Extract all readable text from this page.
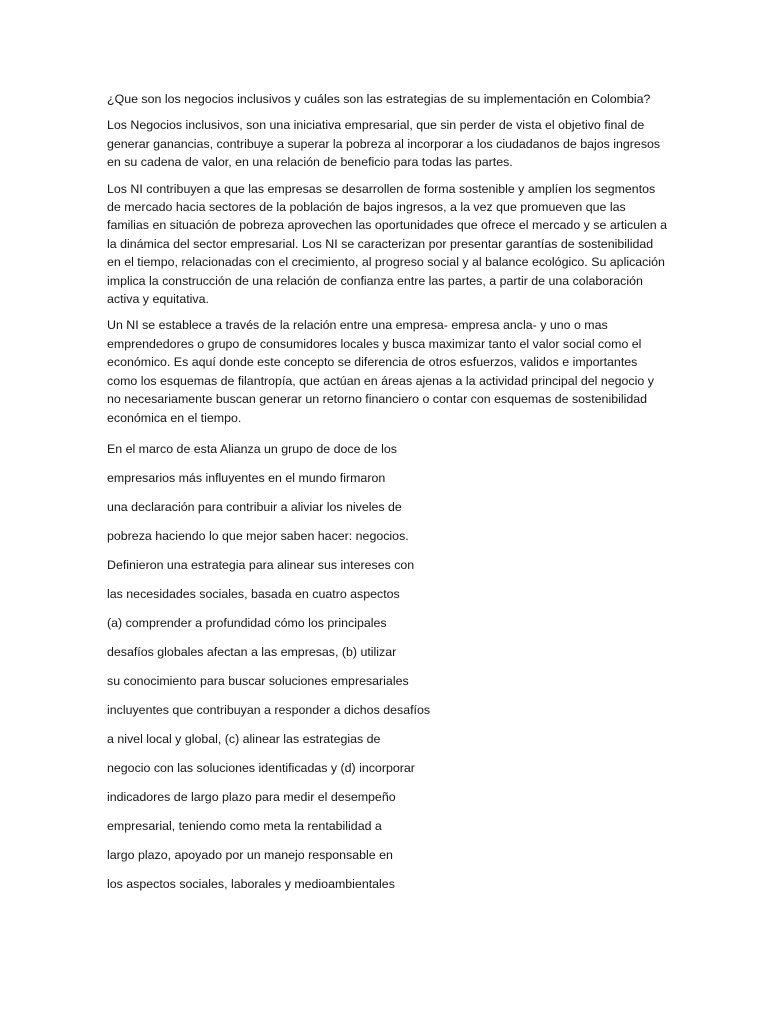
¿Que son los negocios inclusivos y cuáles son las estrategias de su implementación en Colombia?

Los Negocios inclusivos, son una iniciativa empresarial, que sin perder de vista el objetivo final de generar ganancias, contribuye a superar la pobreza al incorporar a los ciudadanos de bajos ingresos en su cadena de valor, en una relación de beneficio para todas las partes.

Los NI contribuyen a que las empresas se desarrollen de forma sostenible y amplíen los segmentos de mercado hacia sectores de la población de bajos ingresos, a la vez que promueven que las familias en situación de pobreza aprovechen las oportunidades que ofrece el mercado y se articulen a la dinámica del sector empresarial. Los NI se caracterizan por presentar garantías de sostenibilidad en el tiempo, relacionadas con el crecimiento, al progreso social y al balance ecológico. Su aplicación implica la construcción de una relación de confianza entre las partes, a partir de una colaboración activa y equitativa.

Un NI se establece a través de la relación entre una empresa- empresa ancla- y uno o mas emprendedores o grupo de consumidores locales y busca maximizar tanto el valor social como el económico. Es aquí donde este concepto se diferencia de otros esfuerzos, validos e importantes como los esquemas de filantropía, que actúan en áreas ajenas a la actividad principal del negocio y no necesariamente buscan generar un retorno financiero o contar con esquemas de sostenibilidad económica en el tiempo.

En el marco de esta Alianza un grupo de doce de los

empresarios más influyentes en el mundo firmaron

una declaración para contribuir a aliviar los niveles de

pobreza haciendo lo que mejor saben hacer: negocios.

Definieron una estrategia para alinear sus intereses con

las necesidades sociales, basada en cuatro aspectos

(a) comprender a profundidad cómo los principales

desafíos globales afectan a las empresas, (b) utilizar

su conocimiento para buscar soluciones empresariales

incluyentes que contribuyan a responder a dichos desafíos

a nivel local y global, (c) alinear las estrategias de

negocio con las soluciones identificadas y (d) incorporar

indicadores de largo plazo para medir el desempeño

empresarial, teniendo como meta la rentabilidad a

largo plazo, apoyado por un manejo responsable en

los aspectos sociales, laborales y medioambientales
